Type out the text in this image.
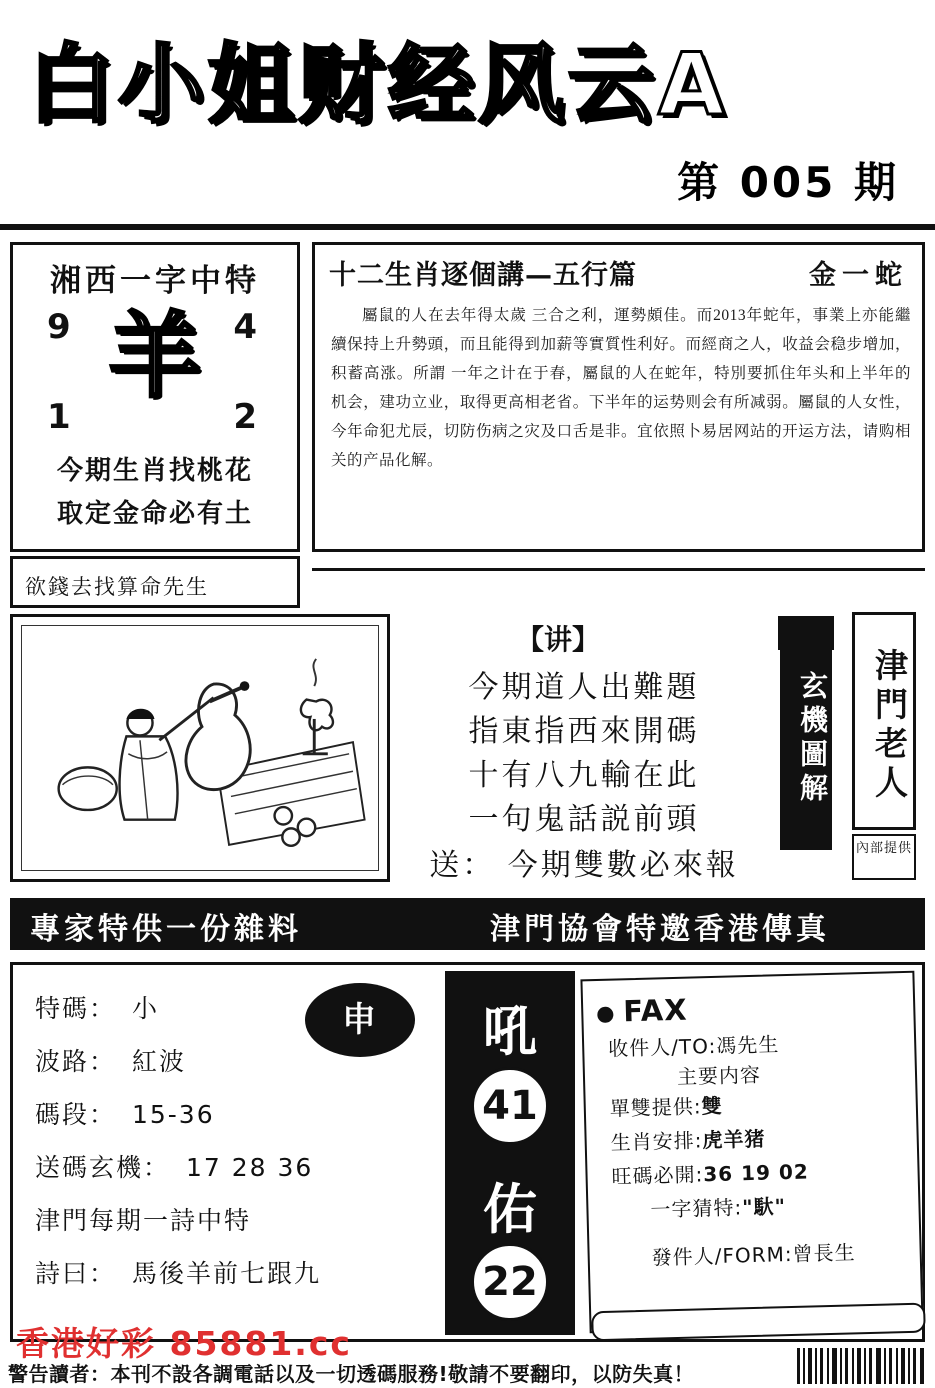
白小姐财经风云A
第 005 期
湘西一字中特
羊
9	4
1	2
今期生肖找桃花
取定金命必有土
十二生肖逐個講—五行篇	金一蛇
屬鼠的人在去年得太歲 三合之利，運勢頗佳。而2013年蛇年，事業上亦能繼續保持上升勢頭，而且能得到加薪等實質性利好。而經商之人，收益会稳步增加，积蓄高涨。所謂 一年之计在于春，屬鼠的人在蛇年，特別要抓住年头和上半年的机会，建功立业，取得更高相老省。下半年的运势则会有所减弱。屬鼠的人女性，今年命犯尤辰，切防伤病之灾及口舌是非。宜依照卜易居网站的开运方法，请购相关的产品化解。
欲錢去找算命先生
【讲】
今期道人出難題
指東指西來開碼
十有八九輸在此
一句鬼話説前頭
送： 今期雙數必來報
玄機圖解	津門老人
內部提供
專家特供一份雜料	津門協會特邀香港傳真
特碼： 小
波路： 紅波
碼段： 15-36
送碼玄機： 17 28 36
津門每期一詩中特
詩曰： 馬後羊前七跟九
申	吼
41
佑
22
FAX
收件人/TO:馮先生
主要内容
單雙提供:雙
生肖安排:虎羊猪
旺碼必開:36 19 02
一字猜特:"馱"
發件人/FORM:曾長生
香港好彩 85881.cc
警告讀者：本刊不設各調電話以及一切透碼服務!敬請不要翻印，以防失真！
